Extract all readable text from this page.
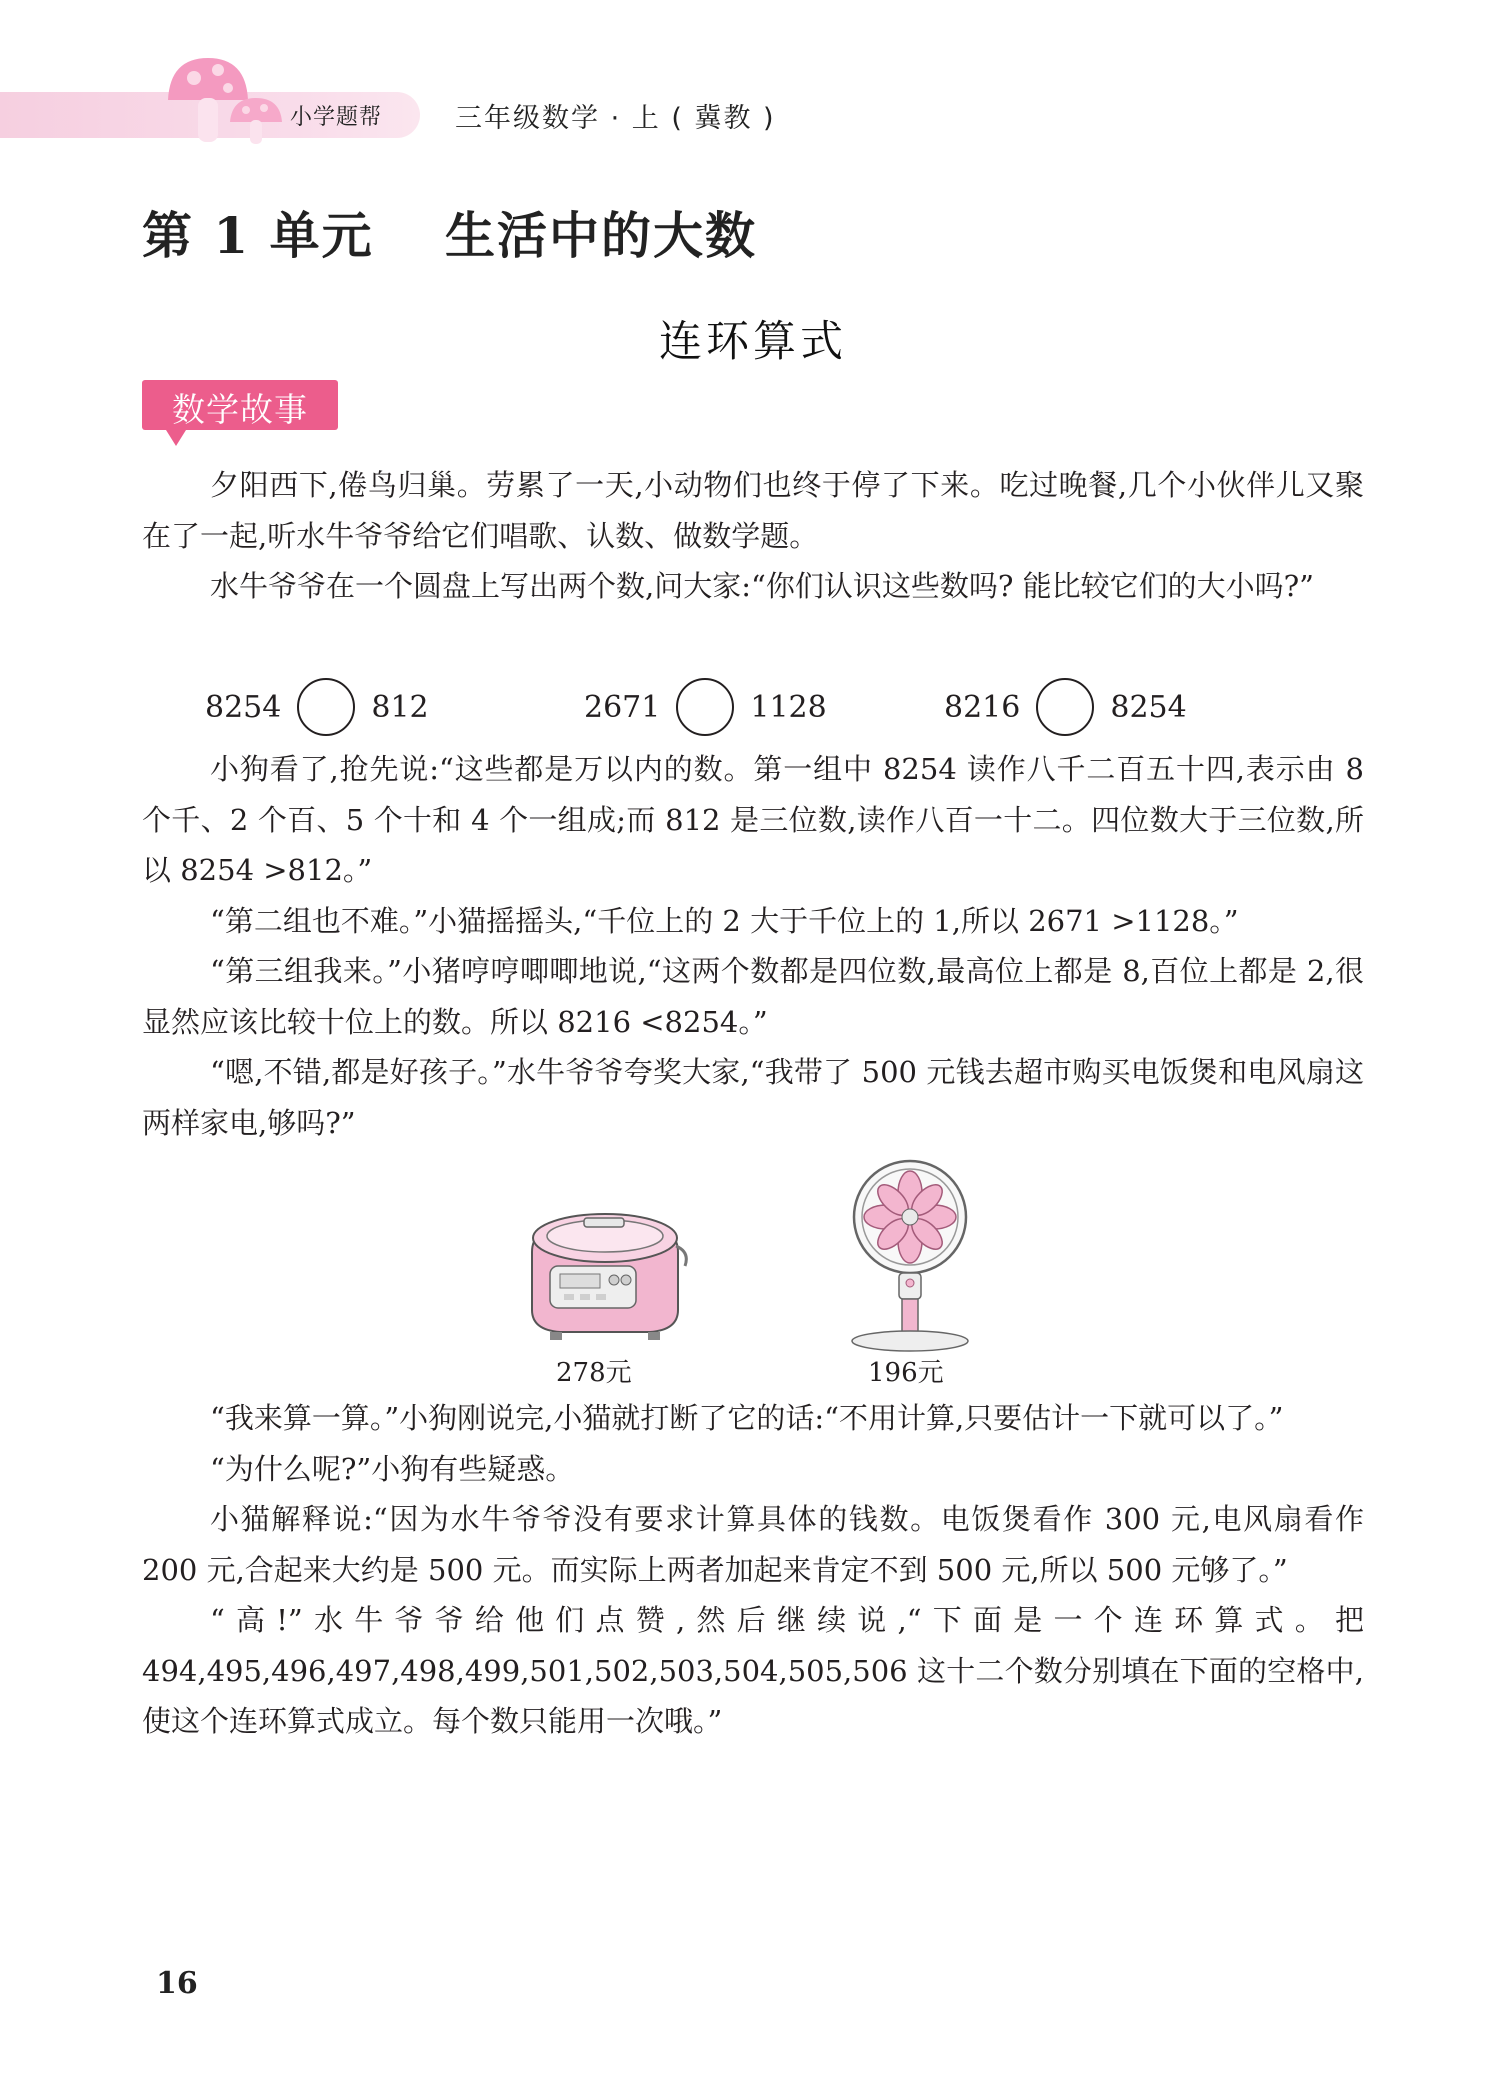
小学题帮	三年级数学 · 上 ( 冀教 )
第 1 单元　 生活中的大数
连环算式
数学故事

夕阳西下,倦鸟归巢。劳累了一天,小动物们也终于停了下来。吃过晚餐,几个小伙伴儿又聚在了一起,听水牛爷爷给它们唱歌、认数、做数学题。

水牛爷爷在一个圆盘上写出两个数,问大家:“你们认识这些数吗? 能比较它们的大小吗?”

8254	812	2671	1128	8216	8254

小狗看了,抢先说:“这些都是万以内的数。第一组中 8254 读作八千二百五十四,表示由 8 个千、2 个百、5 个十和 4 个一组成;而 812 是三位数,读作八百一十二。四位数大于三位数,所以 8254 >812。”

“第二组也不难。”小猫摇摇头,“千位上的 2 大于千位上的 1,所以 2671 >1128。”

“第三组我来。”小猪哼哼唧唧地说,“这两个数都是四位数,最高位上都是 8,百位上都是 2,很显然应该比较十位上的数。所以 8216 <8254。”

“嗯,不错,都是好孩子。”水牛爷爷夸奖大家,“我带了 500 元钱去超市购买电饭煲和电风扇这两样家电,够吗?”

278元	196元

“我来算一算。”小狗刚说完,小猫就打断了它的话:“不用计算,只要估计一下就可以了。”

“为什么呢?”小狗有些疑惑。

小猫解释说:“因为水牛爷爷没有要求计算具体的钱数。电饭煲看作 300 元,电风扇看作 200 元,合起来大约是 500 元。而实际上两者加起来肯定不到 500 元,所以 500 元够了。”

“高!”水牛爷爷给他们点赞,然后继续说,“下面是一个连环算式。把 494,495,496,497,498,499,501,502,503,504,505,506 这十二个数分别填在下面的空格中,使这个连环算式成立。每个数只能用一次哦。”

16
